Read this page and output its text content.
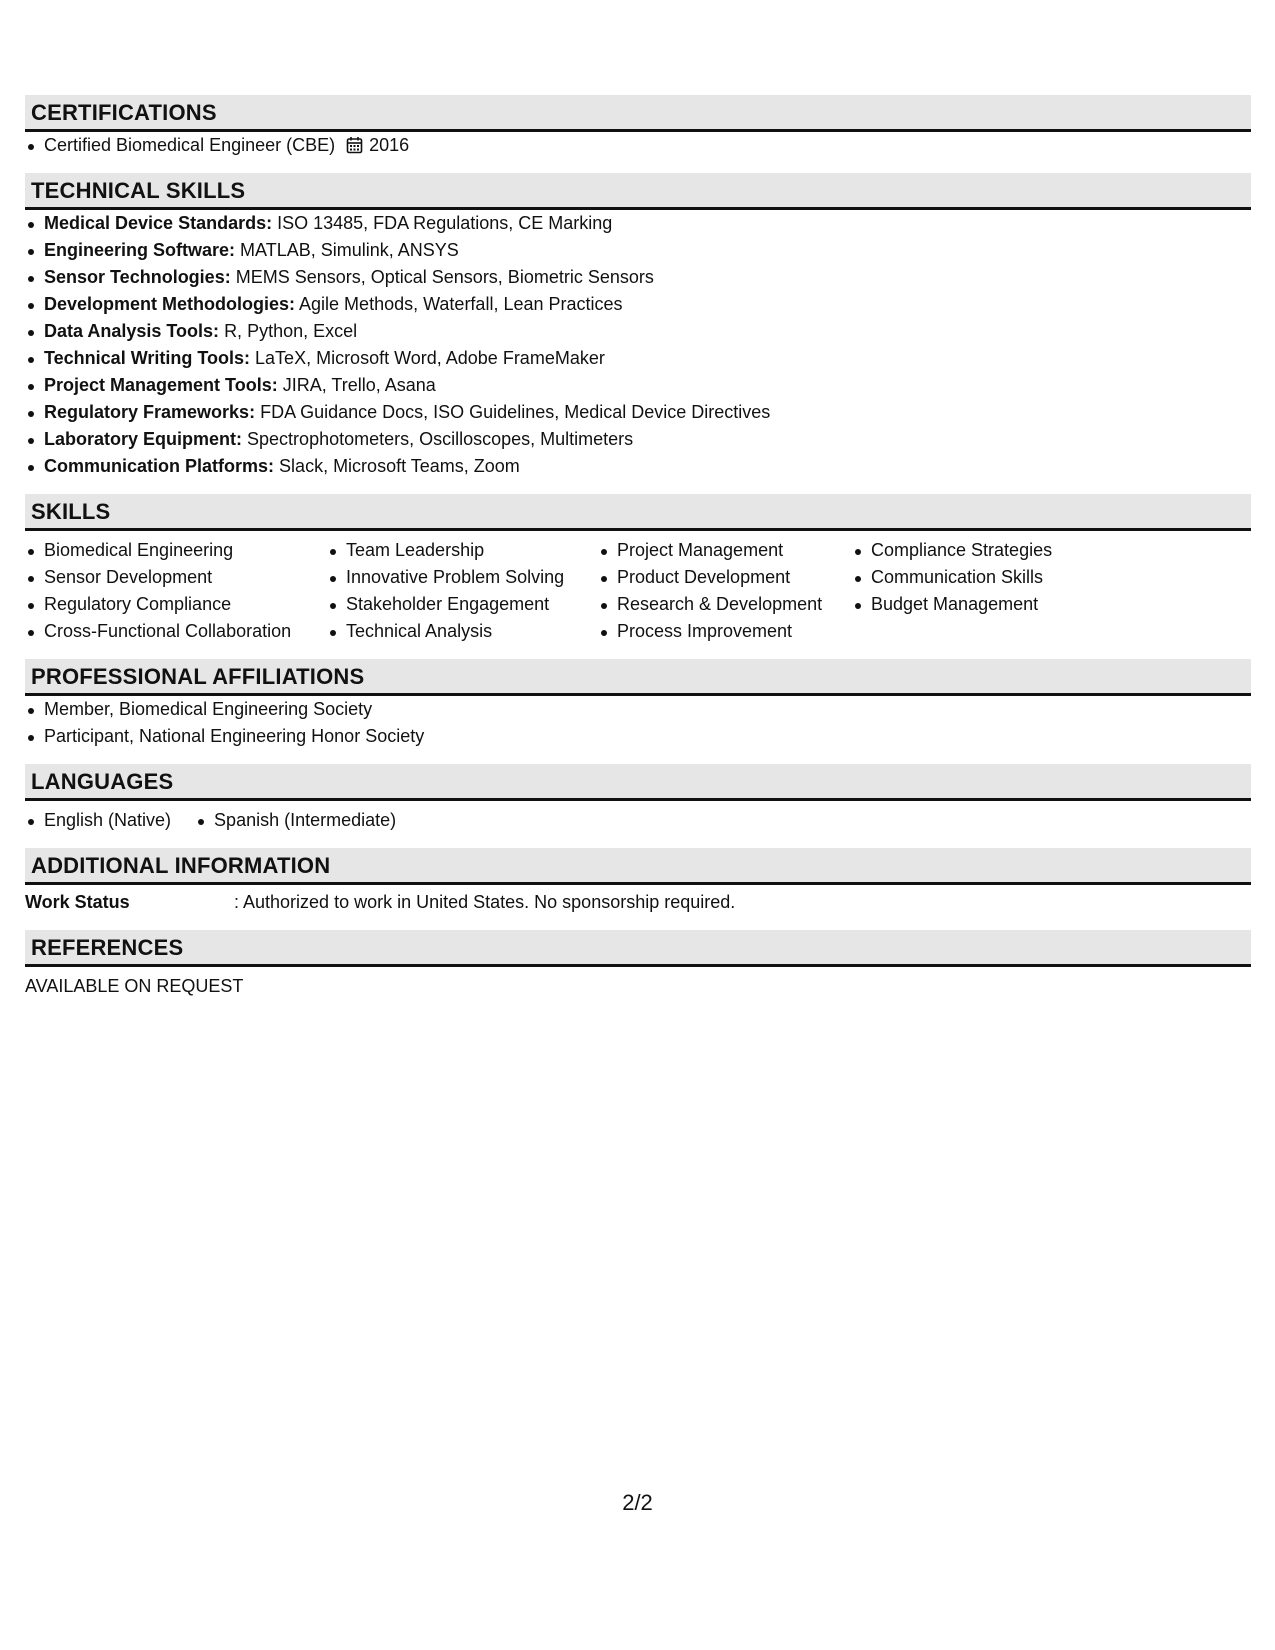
CERTIFICATIONS
Certified Biomedical Engineer (CBE) 2016
TECHNICAL SKILLS
Medical Device Standards: ISO 13485, FDA Regulations, CE Marking
Engineering Software: MATLAB, Simulink, ANSYS
Sensor Technologies: MEMS Sensors, Optical Sensors, Biometric Sensors
Development Methodologies: Agile Methods, Waterfall, Lean Practices
Data Analysis Tools: R, Python, Excel
Technical Writing Tools: LaTeX, Microsoft Word, Adobe FrameMaker
Project Management Tools: JIRA, Trello, Asana
Regulatory Frameworks: FDA Guidance Docs, ISO Guidelines, Medical Device Directives
Laboratory Equipment: Spectrophotometers, Oscilloscopes, Multimeters
Communication Platforms: Slack, Microsoft Teams, Zoom
SKILLS
Biomedical Engineering
Sensor Development
Regulatory Compliance
Cross-Functional Collaboration
Team Leadership
Innovative Problem Solving
Stakeholder Engagement
Technical Analysis
Project Management
Product Development
Research & Development
Process Improvement
Compliance Strategies
Communication Skills
Budget Management
PROFESSIONAL AFFILIATIONS
Member, Biomedical Engineering Society
Participant, National Engineering Honor Society
LANGUAGES
English (Native)	Spanish (Intermediate)
ADDITIONAL INFORMATION
Work Status	: Authorized to work in United States. No sponsorship required.
REFERENCES
AVAILABLE ON REQUEST
2/2
